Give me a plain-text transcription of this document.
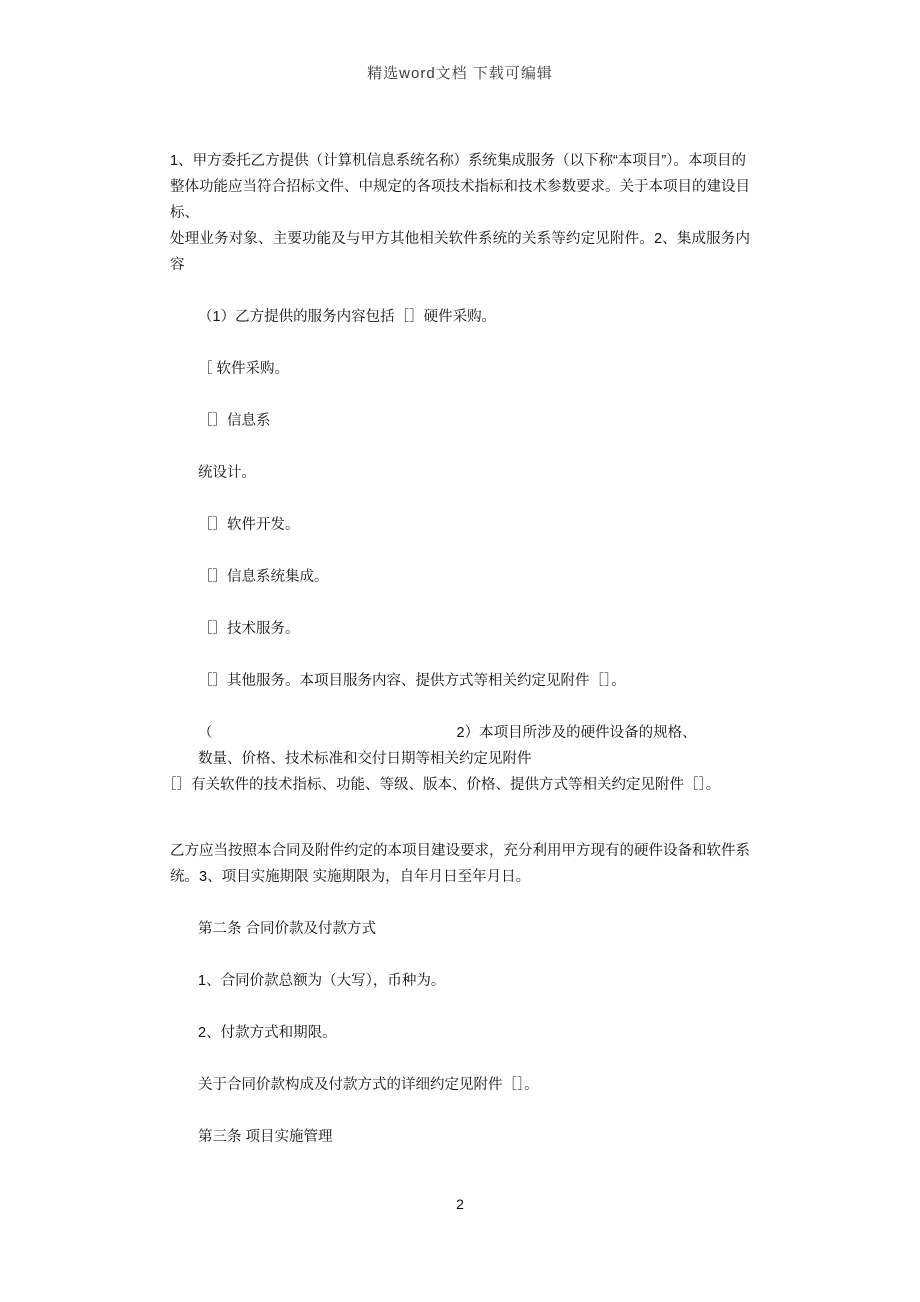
精选word文档 下载可编辑

1、甲方委托乙方提供（计算机信息系统名称）系统集成服务（以下称“本项目”）。本项目的

整体功能应当符合招标文件、中规定的各项技术指标和技术参数要求。关于本项目的建设目标、

处理业务对象、主要功能及与甲方其他相关软件系统的关系等约定见附件。2、集成服务内容

（1）乙方提供的服务内容包括［］硬件采购。

［ 软件采购。

［］信息系

统设计。

［］软件开发。

［］信息系统集成。

［］技术服务。

［］其他服务。本项目服务内容、提供方式等相关约定见附件［］。

（	2）本项目所涉及的硬件设备的规格、

数量、价格、技术标准和交付日期等相关约定见附件

［］有关软件的技术指标、功能、等级、版本、价格、提供方式等相关约定见附件［］。

乙方应当按照本合同及附件约定的本项目建设要求，充分利用甲方现有的硬件设备和软件系统。3、项目实施期限 实施期限为，自年月日至年月日。

第二条 合同价款及付款方式

1、合同价款总额为（大写），币种为。

2、付款方式和期限。

关于合同价款构成及付款方式的详细约定见附件［］。

第三条 项目实施管理

2
